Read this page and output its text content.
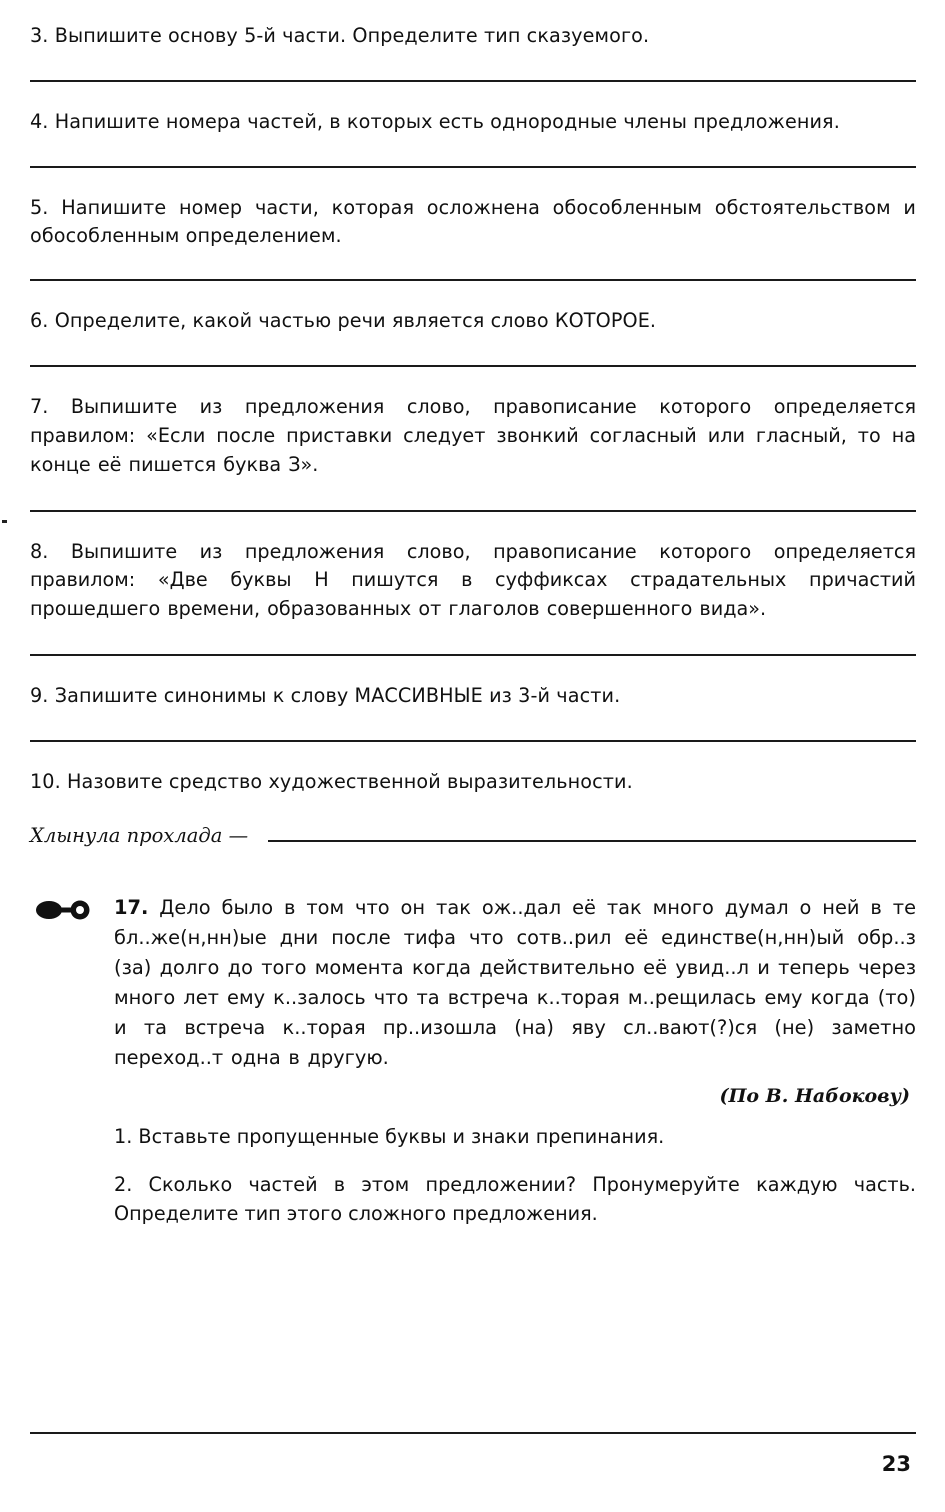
3. Выпишите основу 5-й части. Определите тип сказуемого.

4. Напишите номера частей, в которых есть однородные члены предложения.

5. Напишите номер части, которая осложнена обособленным обстоятельством и обособленным определением.

6. Определите, какой частью речи является слово КОТОРОЕ.

7. Выпишите из предложения слово, правописание которого определяется правилом: «Если после приставки следует звонкий согласный или гласный, то на конце её пишется буква З».

8. Выпишите из предложения слово, правописание которого определяется правилом: «Две буквы Н пишутся в суффиксах страдательных причастий прошедшего времени, образованных от глаголов совершенного вида».

9. Запишите синонимы к слову МАССИВНЫЕ из 3-й части.

10. Назовите средство художественной выразительности.

Хлынула прохлада —
17. Дело было в том что он так ож..дал её так много думал о ней в те бл..же(н,нн)ые дни после тифа что сотв..рил её единстве(н,нн)ый обр..з (за) долго до того момента когда действительно её увид..л и теперь через много лет ему к..залось что та встреча к..торая м..рещилась ему когда (то) и та встреча к..торая пр..изошла (на) яву сл..вают(?)ся (не) заметно переход..т одна в другую.
(По В. Набокову)

1. Вставьте пропущенные буквы и знаки препинания.

2. Сколько частей в этом предложении? Пронумеруйте каждую часть. Определите тип этого сложного предложения.

23
